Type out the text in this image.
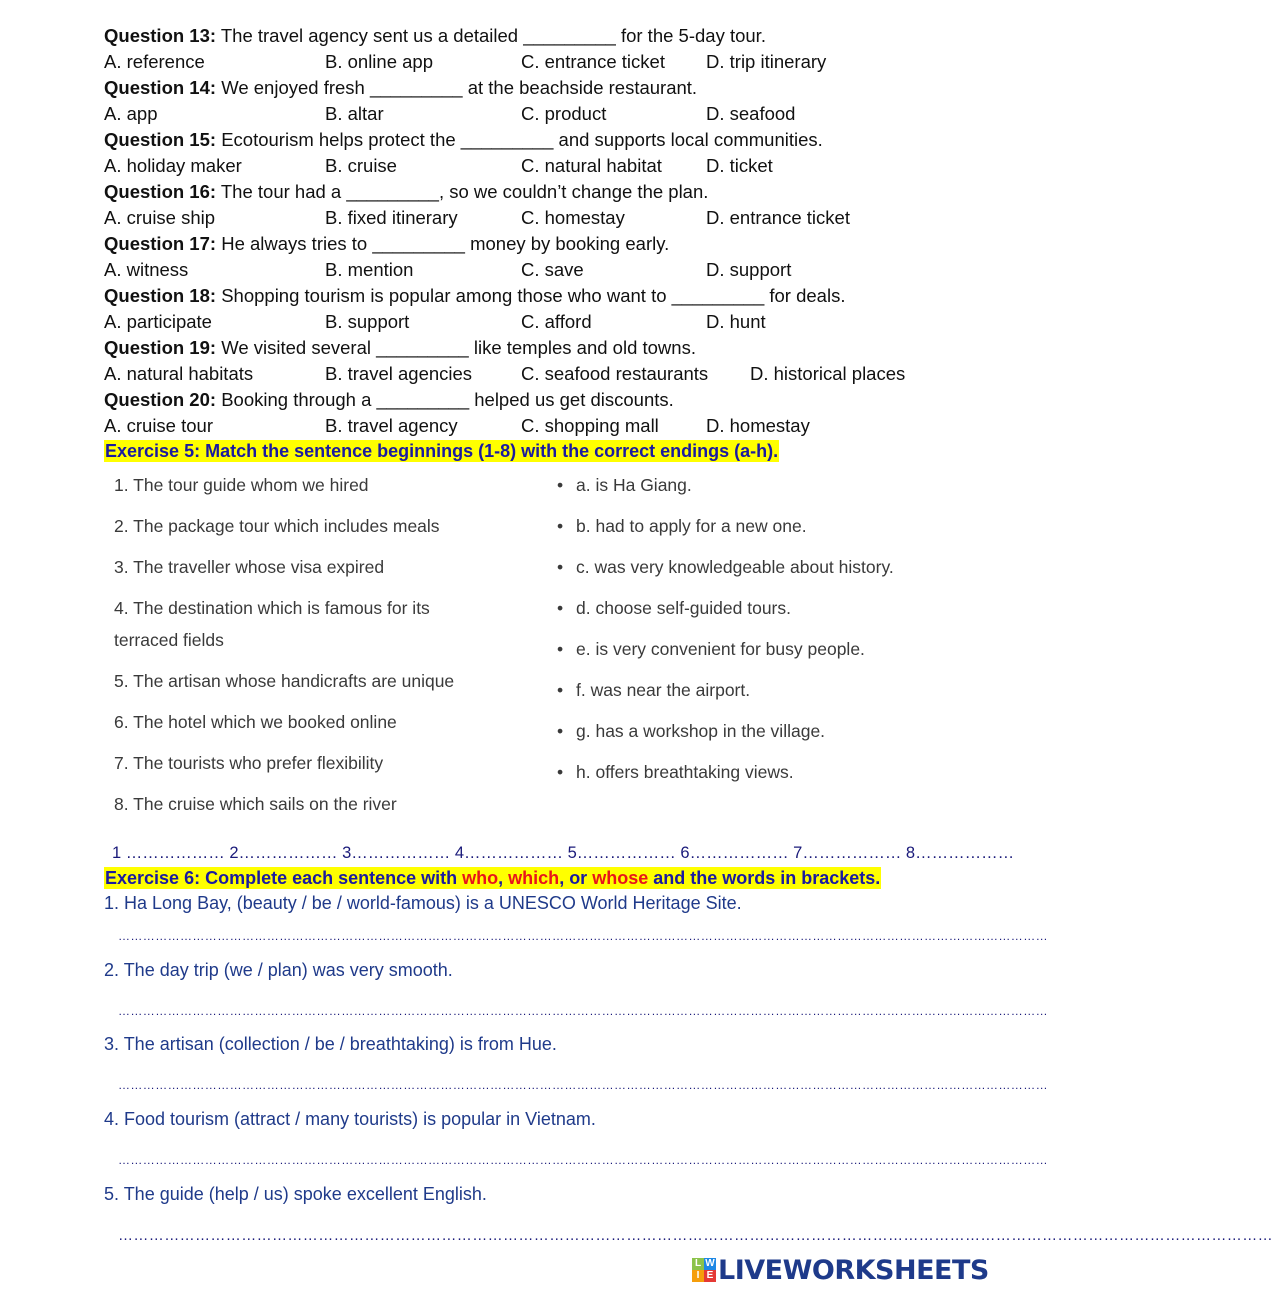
Question 13: The travel agency sent us a detailed _________ for the 5-day tour.
A. reference	B. online app	C. entrance ticket D. trip itinerary
Question 14: We enjoyed fresh _________ at the beachside restaurant.
A. app	B. altar	C. product	D. seafood
Question 15: Ecotourism helps protect the _________ and supports local communities.
A. holiday maker	B. cruise	C. natural habitat D. ticket
Question 16: The tour had a _________, so we couldn’t change the plan.
A. cruise ship	B. fixed itinerary	C. homestay	D. entrance ticket
Question 17: He always tries to _________ money by booking early.
A. witness	B. mention	C. save	D. support
Question 18: Shopping tourism is popular among those who want to _________ for deals.
A. participate	B. support	C. afford	D. hunt
Question 19: We visited several _________ like temples and old towns.
A. natural habitats	B. travel agencies	C. seafood restaurants D. historical places
Question 20: Booking through a _________ helped us get discounts.
A. cruise tour	B. travel agency	C. shopping mall	D. homestay
Exercise 5: Match the sentence beginnings (1-8) with the correct endings (a-h).
1. The tour guide whom we hired
2. The package tour which includes meals
3. The traveller whose visa expired
4. The destination which is famous for its
terraced fields
5. The artisan whose handicrafts are unique
6. The hotel which we booked online
7. The tourists who prefer flexibility
8. The cruise which sails on the river
• a. is Ha Giang.
• b. had to apply for a new one.
• c. was very knowledgeable about history.
• d. choose self-guided tours.
• e. is very convenient for busy people.
• f. was near the airport.
• g. has a workshop in the village.
• h. offers breathtaking views.
1 ……………… 2……………… 3……………… 4……………… 5……………… 6……………… 7……………… 8………………
Exercise 6: Complete each sentence with who, which, or whose and the words in brackets.
1. Ha Long Bay, (beauty / be / world-famous) is a UNESCO World Heritage Site.
………………………………………………………………………………………………………………………………………………………………………………………………………
2. The day trip (we / plan) was very smooth.
………………………………………………………………………………………………………………………………………………………………………………………………………
3. The artisan (collection / be / breathtaking) is from Hue.
………………………………………………………………………………………………………………………………………………………………………………………………………
4. Food tourism (attract / many tourists) is popular in Vietnam.
………………………………………………………………………………………………………………………………………………………………………………………………………
5. The guide (help / us) spoke excellent English.
………………………………………………………………………………………………………………………………………………………………………………………………………
L W
I E LIVEWORKSHEETS
